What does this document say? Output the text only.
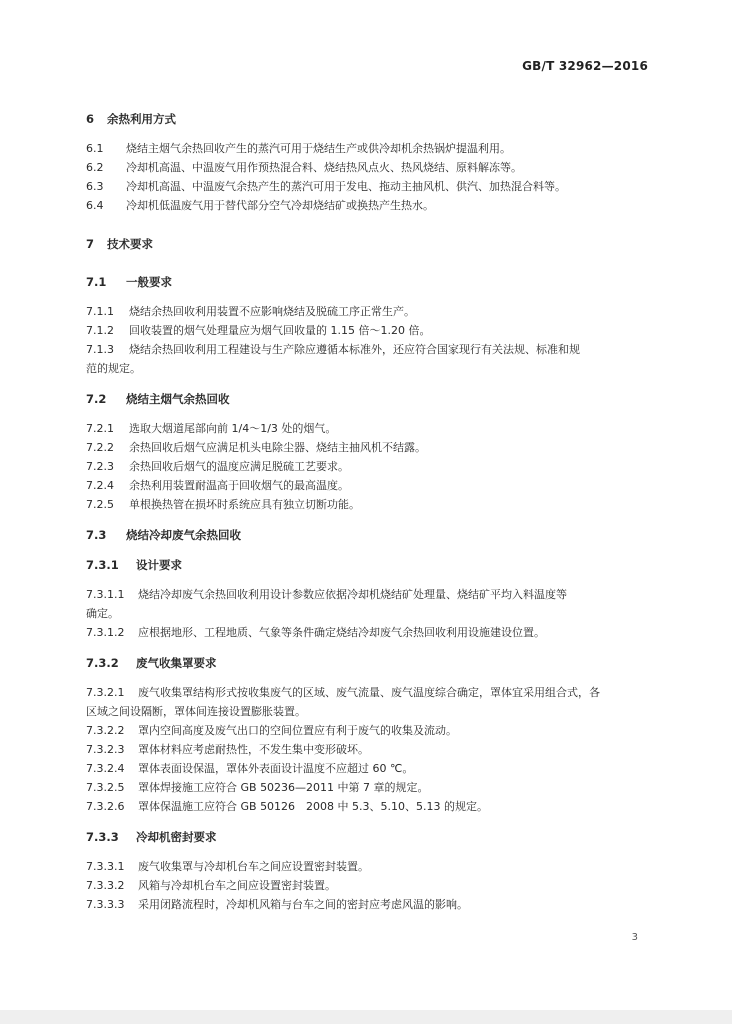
GB/T 32962—2016
6 余热利用方式
6.1 烧结主烟气余热回收产生的蒸汽可用于烧结生产或供冷却机余热锅炉提温利用。
6.2 冷却机高温、中温废气用作预热混合料、烧结热风点火、热风烧结、原料解冻等。
6.3 冷却机高温、中温废气余热产生的蒸汽可用于发电、拖动主抽风机、供汽、加热混合料等。
6.4 冷却机低温废气用于替代部分空气冷却烧结矿或换热产生热水。
7 技术要求
7.1 一般要求
7.1.1 烧结余热回收利用装置不应影响烧结及脱硫工序正常生产。
7.1.2 回收装置的烟气处理量应为烟气回收量的 1.15 倍～1.20 倍。
7.1.3 烧结余热回收利用工程建设与生产除应遵循本标准外，还应符合国家现行有关法规、标准和规
范的规定。
7.2 烧结主烟气余热回收
7.2.1 选取大烟道尾部向前 1/4～1/3 处的烟气。
7.2.2 余热回收后烟气应满足机头电除尘器、烧结主抽风机不结露。
7.2.3 余热回收后烟气的温度应满足脱硫工艺要求。
7.2.4 余热利用装置耐温高于回收烟气的最高温度。
7.2.5 单根换热管在损坏时系统应具有独立切断功能。
7.3 烧结冷却废气余热回收
7.3.1 设计要求
7.3.1.1 烧结冷却废气余热回收利用设计参数应依据冷却机烧结矿处理量、烧结矿平均入料温度等
确定。
7.3.1.2 应根据地形、工程地质、气象等条件确定烧结冷却废气余热回收利用设施建设位置。
7.3.2 废气收集罩要求
7.3.2.1 废气收集罩结构形式按收集废气的区域、废气流量、废气温度综合确定，罩体宜采用组合式，各
区域之间设隔断，罩体间连接设置膨胀装置。
7.3.2.2 罩内空间高度及废气出口的空间位置应有利于废气的收集及流动。
7.3.2.3 罩体材料应考虑耐热性，不发生集中变形破坏。
7.3.2.4 罩体表面设保温，罩体外表面设计温度不应超过 60 ℃。
7.3.2.5 罩体焊接施工应符合 GB 50236—2011 中第 7 章的规定。
7.3.2.6 罩体保温施工应符合 GB 50126　2008 中 5.3、5.10、5.13 的规定。
7.3.3 冷却机密封要求
7.3.3.1 废气收集罩与冷却机台车之间应设置密封装置。
7.3.3.2 风箱与冷却机台车之间应设置密封装置。
7.3.3.3 采用闭路流程时，冷却机风箱与台车之间的密封应考虑风温的影响。
3
